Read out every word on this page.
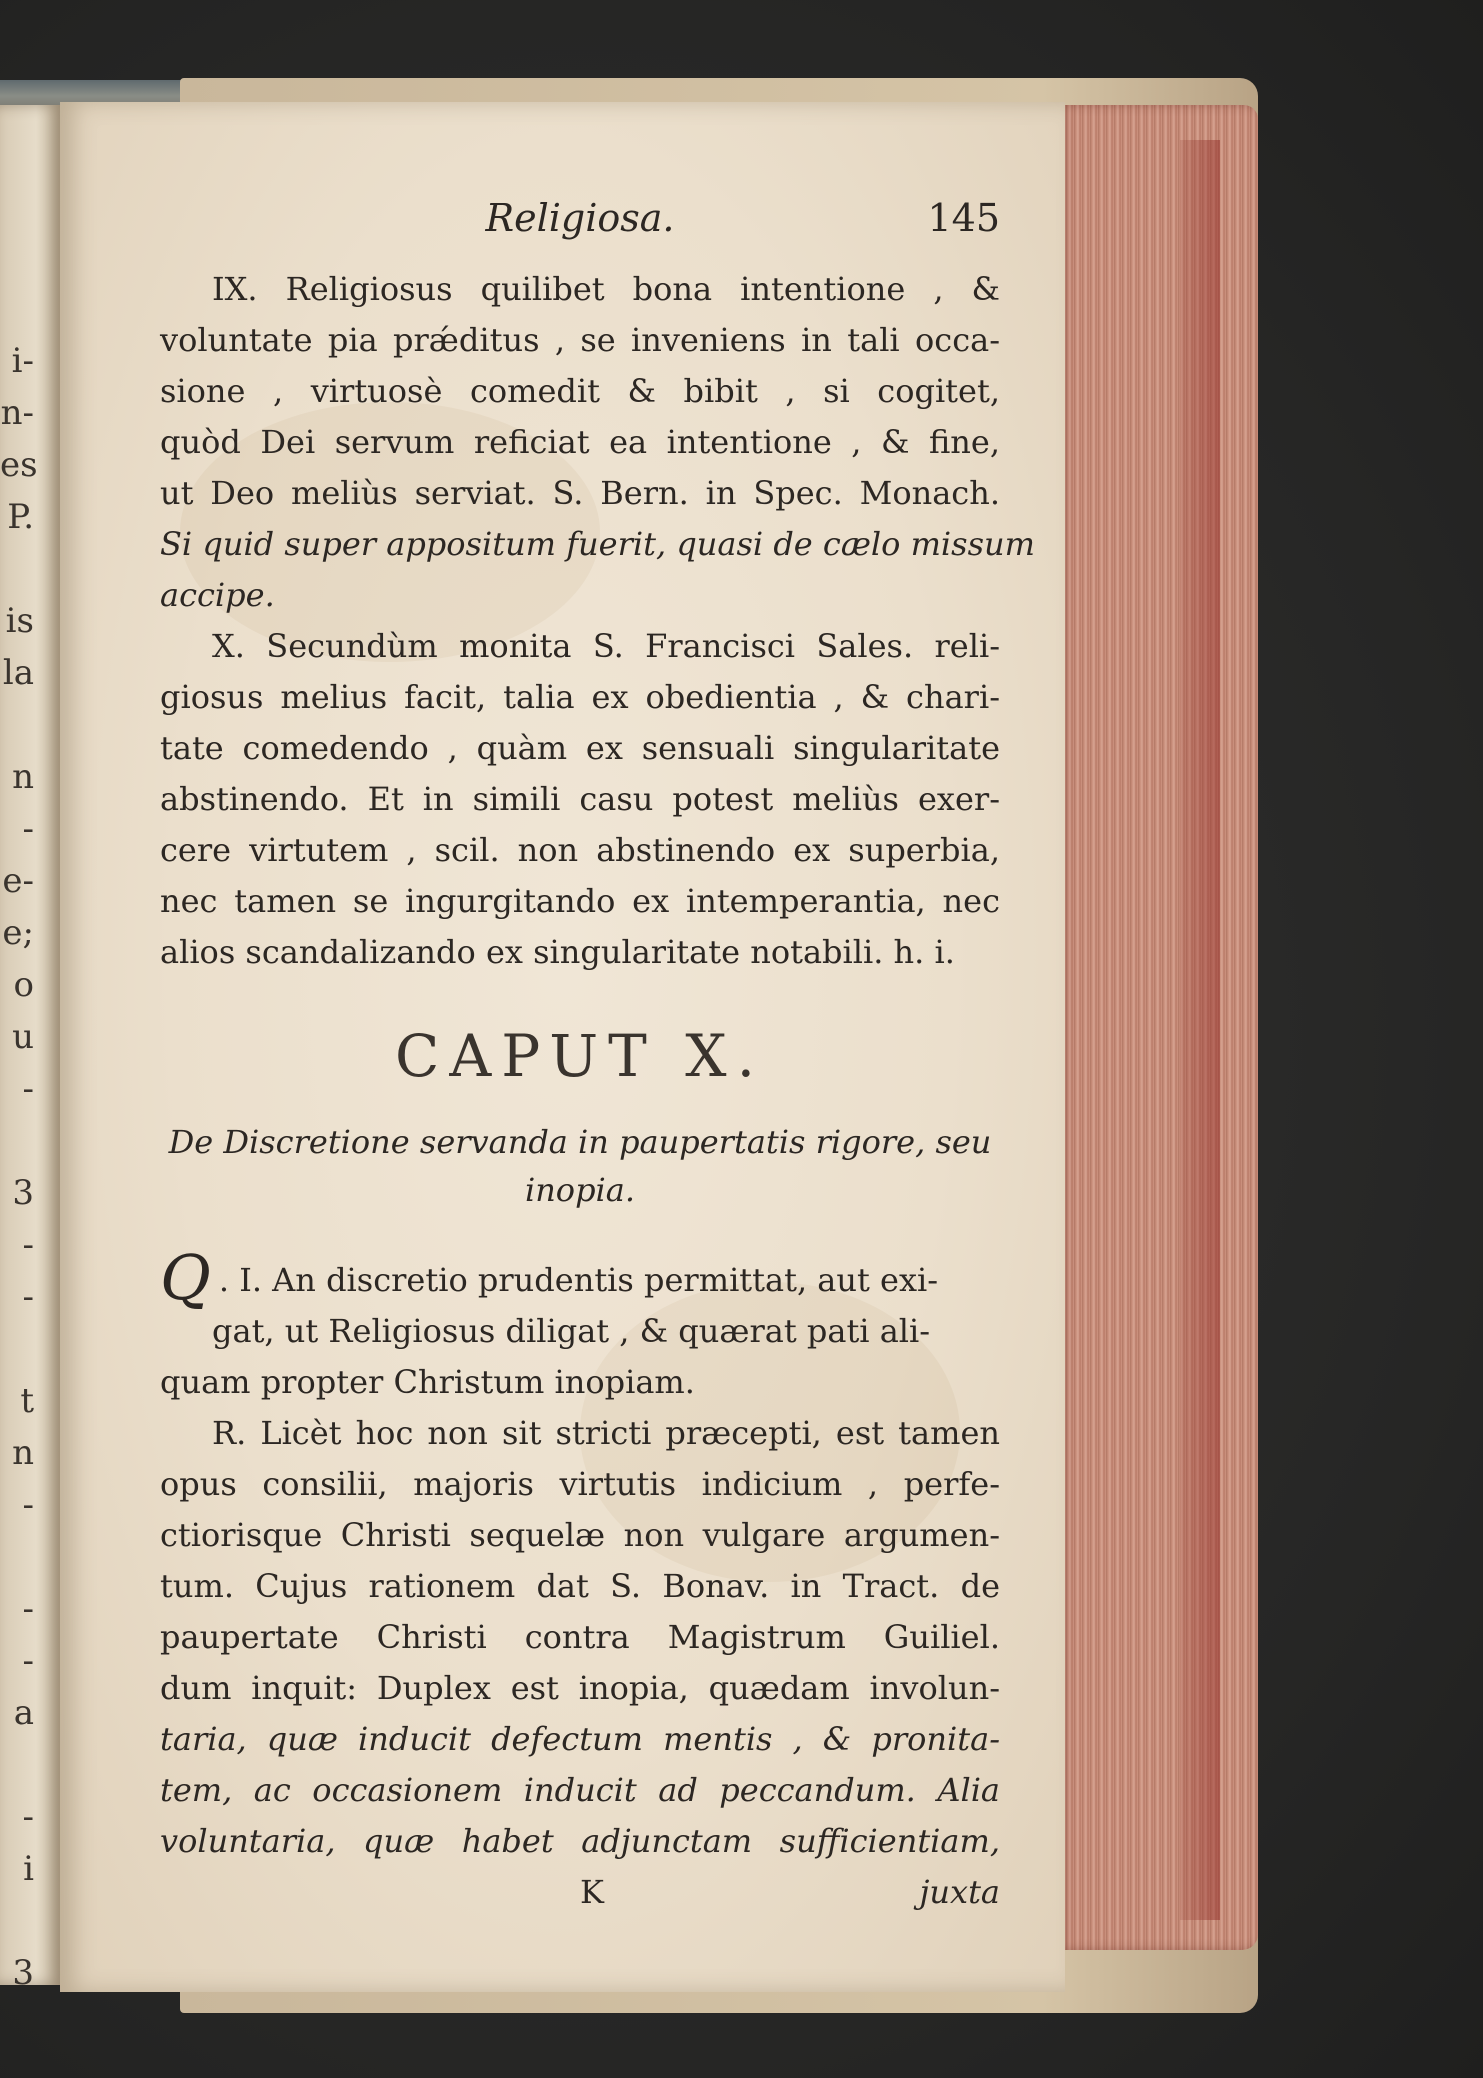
i-
n-
es
P.
is
la
n
-
e-
e;
o
u
-
3
-
-
t
n
-
-
-
a
-
i
3
Religiosa.	145
IX. Religiosus quilibet bona intentione , &
voluntate pia prǽditus , se inveniens in tali occa-
sione , virtuosè comedit & bibit , si cogitet,
quòd Dei servum reficiat ea intentione , & fine,
ut Deo meliùs serviat. S. Bern. in Spec. Monach.
Si quid super appositum fuerit, quasi de cælo missum
accipe.
X. Secundùm monita S. Francisci Sales. reli-
giosus melius facit, talia ex obedientia , & chari-
tate comedendo , quàm ex sensuali singularitate
abstinendo. Et in simili casu potest meliùs exer-
cere virtutem , scil. non abstinendo ex superbia,
nec tamen se ingurgitando ex intemperantia, nec
alios scandalizando ex singularitate notabili. h. i.
CAPUT X.
De Discretione servanda in paupertatis rigore, seu
inopia.
Q . I. An discretio prudentis permittat, aut exi-
gat, ut Religiosus diligat , & quærat pati ali-
quam propter Christum inopiam.
R. Licèt hoc non sit stricti præcepti, est tamen
opus consilii, majoris virtutis indicium , perfe-
ctiorisque Christi sequelæ non vulgare argumen-
tum. Cujus rationem dat S. Bonav. in Tract. de
paupertate Christi contra Magistrum Guiliel.
dum inquit: Duplex est inopia, quædam involun-
taria, quæ inducit defectum mentis , & pronita-
tem, ac occasionem inducit ad peccandum. Alia
voluntaria, quæ habet adjunctam sufficientiam,
K	juxta
